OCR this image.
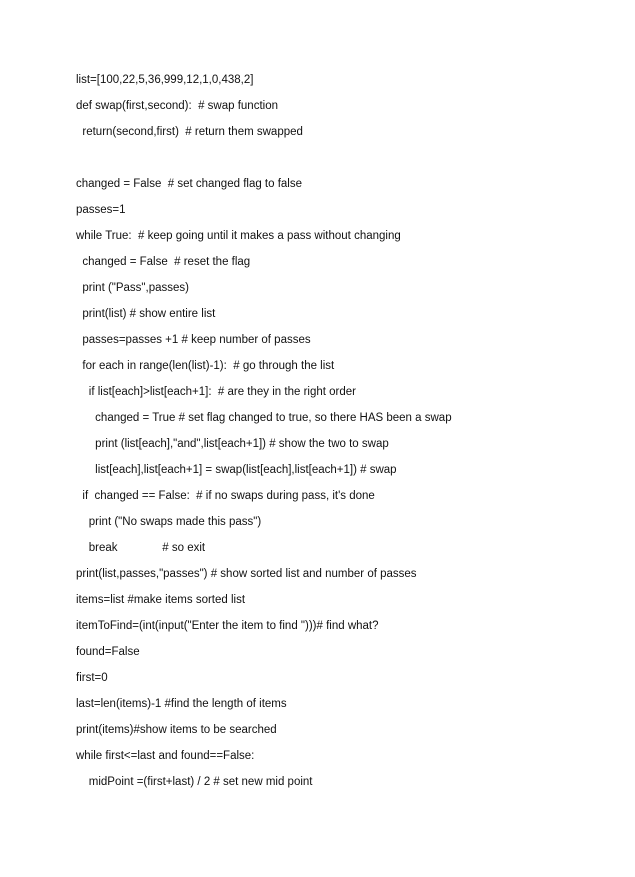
list=[100,22,5,36,999,12,1,0,438,2]
def swap(first,second):  # swap function
return(second,first)  # return them swapped
changed = False  # set changed flag to false
passes=1
while True:  # keep going until it makes a pass without changing
changed = False  # reset the flag
print ("Pass",passes)
print(list) # show entire list
passes=passes +1 # keep number of passes
for each in range(len(list)-1):  # go through the list
if list[each]>list[each+1]:  # are they in the right order
changed = True # set flag changed to true, so there HAS been a swap
print (list[each],"and",list[each+1]) # show the two to swap
list[each],list[each+1] = swap(list[each],list[each+1]) # swap
if  changed == False:  # if no swaps during pass, it's done
print ("No swaps made this pass")
break              # so exit
print(list,passes,"passes") # show sorted list and number of passes
items=list #make items sorted list
itemToFind=(int(input("Enter the item to find ")))# find what?
found=False
first=0
last=len(items)-1 #find the length of items
print(items)#show items to be searched
while first<=last and found==False:
midPoint =(first+last) / 2 # set new mid point
